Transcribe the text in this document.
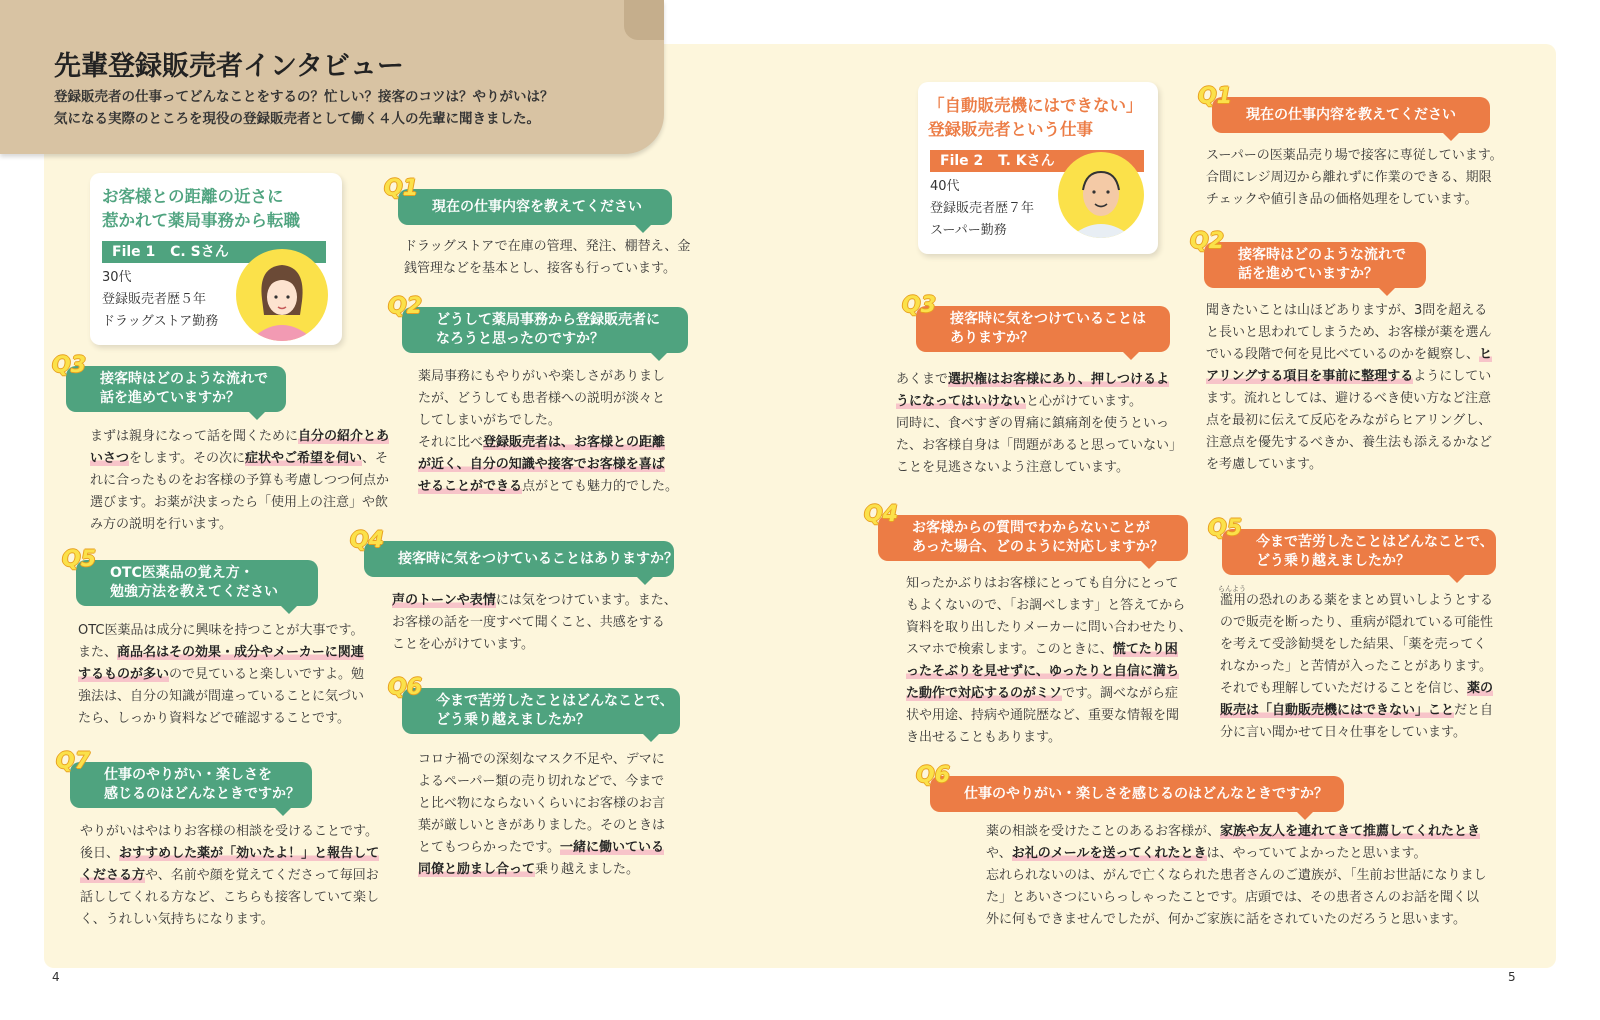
先輩登録販売者インタビュー

登録販売者の仕事ってどんなことをするの？忙しい？接客のコツは？やりがいは？

気になる実際のところを現役の登録販売者として働く４人の先輩に聞きました。

お客様との距離の近さに
惹かれて薬局事務から転職
File 1 C. Sさん
30代
登録販売者歴５年
ドラッグストア勤務
「自動販売機にはできない」
登録販売者という仕事
File 2 T. Kさん
40代
登録販売者歴７年
スーパー勤務
Q1
現在の仕事内容を教えてください
ドラッグストアで在庫の管理、発注、棚替え、金
銭管理などを基本とし、接客も行っています。
Q2
どうして薬局事務から登録販売者に
なろうと思ったのですか？
薬局事務にもやりがいや楽しさがありまし
たが、どうしても患者様への説明が淡々と
してしまいがちでした。
それに比べ登録販売者は、お客様との距離
が近く、自分の知識や接客でお客様を喜ば
せることができる点がとても魅力的でした。
Q3
接客時はどのような流れで
話を進めていますか？
まずは親身になって話を聞くために自分の紹介とあ
いさつをします。その次に症状やご希望を伺い、そ
れに合ったものをお客様の予算も考慮しつつ何点か
選びます。お薬が決まったら「使用上の注意」や飲
み方の説明を行います。
Q4
接客時に気をつけていることはありますか？
声のトーンや表情には気をつけています。また、
お客様の話を一度すべて聞くこと、共感をする
ことを心がけています。
Q5
OTC医薬品の覚え方・
勉強方法を教えてください
OTC医薬品は成分に興味を持つことが大事です。
また、商品名はその効果・成分やメーカーに関連
するものが多いので見ていると楽しいですよ。勉
強法は、自分の知識が間違っていることに気づい
たら、しっかり資料などで確認することです。
Q6
今まで苦労したことはどんなことで、
どう乗り越えましたか？
コロナ禍での深刻なマスク不足や、デマに
よるペーパー類の売り切れなどで、今まで
と比べ物にならないくらいにお客様のお言
葉が厳しいときがありました。そのときは
とてもつらかったです。一緒に働いている
同僚と励まし合って乗り越えました。
Q7
仕事のやりがい・楽しさを
感じるのはどんなときですか？
やりがいはやはりお客様の相談を受けることです。
後日、おすすめした薬が「効いたよ！」と報告して
くださる方や、名前や顔を覚えてくださって毎回お
話ししてくれる方など、こちらも接客していて楽し
く、うれしい気持ちになります。
Q1
現在の仕事内容を教えてください
スーパーの医薬品売り場で接客に専従しています。
合間にレジ周辺から離れずに作業のできる、期限
チェックや値引き品の価格処理をしています。
Q2
接客時はどのような流れで
話を進めていますか？
聞きたいことは山ほどありますが、3問を超える
と長いと思われてしまうため、お客様が薬を選ん
でいる段階で何を見比べているのかを観察し、ヒ
アリングする項目を事前に整理するようにしてい
ます。流れとしては、避けるべき使い方など注意
点を最初に伝えて反応をみながらヒアリングし、
注意点を優先するべきか、養生法も添えるかなど
を考慮しています。
Q3
接客時に気をつけていることは
ありますか？
あくまで選択権はお客様にあり、押しつけるよ
うになってはいけないと心がけています。
同時に、食べすぎの胃痛に鎮痛剤を使うといっ
た、お客様自身は「問題があると思っていない」
ことを見逃さないよう注意しています。
Q4
お客様からの質問でわからないことが
あった場合、どのように対応しますか？
知ったかぶりはお客様にとっても自分にとって
もよくないので、「お調べします」と答えてから
資料を取り出したりメーカーに問い合わせたり、
スマホで検索します。このときに、慌てたり困
ったそぶりを見せずに、ゆったりと自信に満ち
た動作で対応するのがミソです。調べながら症
状や用途、持病や通院歴など、重要な情報を聞
き出せることもあります。
Q5
今まで苦労したことはどんなことで、
どう乗り越えましたか？
らんよう
濫用の恐れのある薬をまとめ買いしようとする
ので販売を断ったり、重病が隠れている可能性
を考えて受診勧奨をした結果、「薬を売ってく
れなかった」と苦情が入ったことがあります。
それでも理解していただけることを信じ、薬の
販売は「自動販売機にはできない」ことだと自
分に言い聞かせて日々仕事をしています。
Q6
仕事のやりがい・楽しさを感じるのはどんなときですか？
薬の相談を受けたことのあるお客様が、家族や友人を連れてきて推薦してくれたとき
や、お礼のメールを送ってくれたときは、やっていてよかったと思います。
忘れられないのは、がんで亡くなられた患者さんのご遺族が、「生前お世話になりまし
た」とあいさつにいらっしゃったことです。店頭では、その患者さんのお話を聞く以
外に何もできませんでしたが、何かご家族に話をされていたのだろうと思います。
4	5
